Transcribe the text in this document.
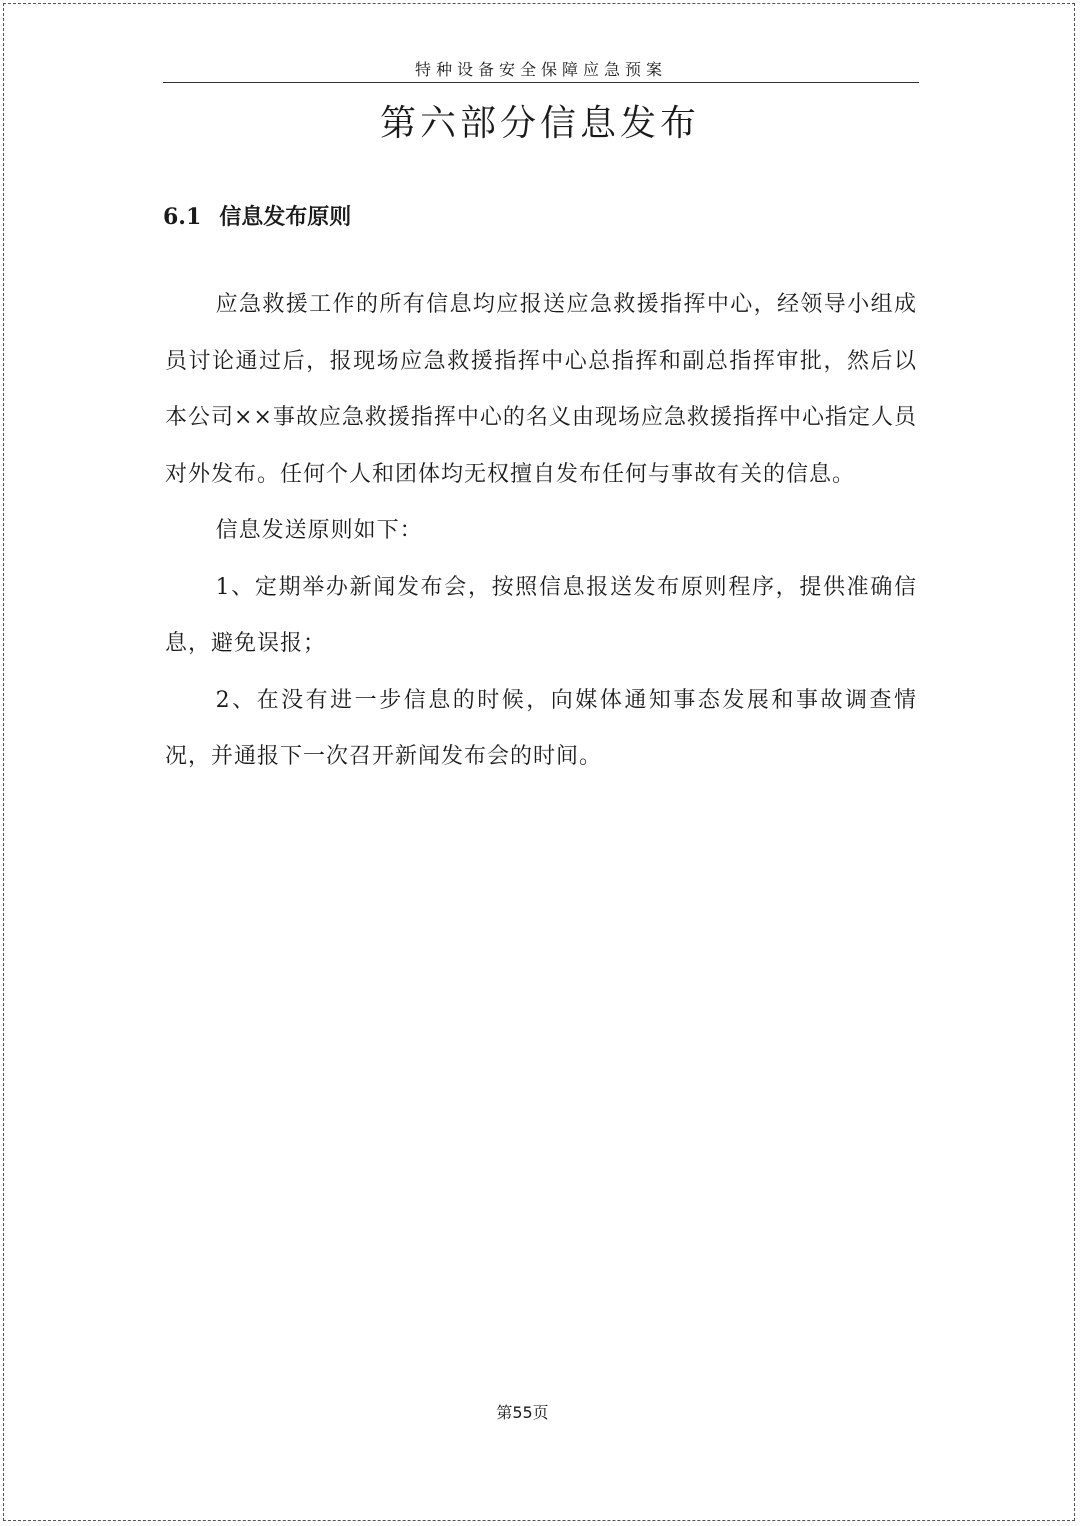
特种设备安全保障应急预案
第六部分信息发布
6.1 信息发布原则

应急救援工作的所有信息均应报送应急救援指挥中心，经领导小组成员讨论通过后，报现场应急救援指挥中心总指挥和副总指挥审批，然后以本公司××事故应急救援指挥中心的名义由现场应急救援指挥中心指定人员对外发布。任何个人和团体均无权擅自发布任何与事故有关的信息。

信息发送原则如下：

1、定期举办新闻发布会，按照信息报送发布原则程序，提供准确信息，避免误报；

2、在没有进一步信息的时候，向媒体通知事态发展和事故调查情况，并通报下一次召开新闻发布会的时间。

第55页
